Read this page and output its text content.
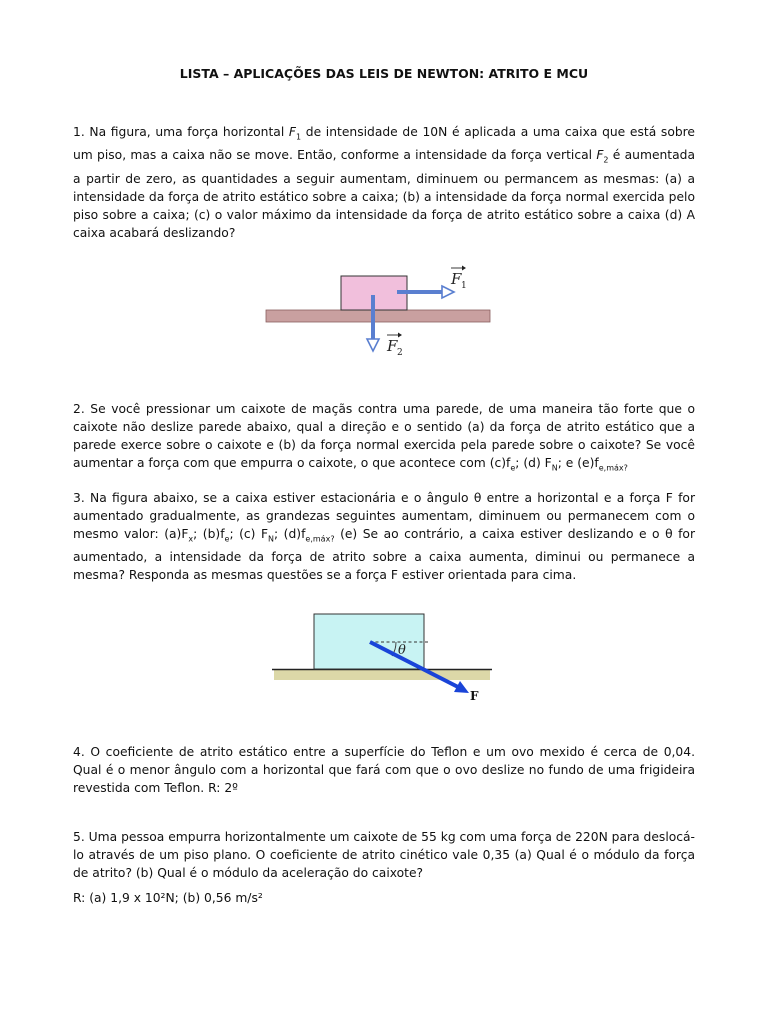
LISTA – APLICAÇÕES DAS LEIS DE NEWTON: ATRITO E MCU
1. Na figura, uma força horizontal $F_1$ de intensidade de 10N é aplicada a uma caixa que está sobre um piso, mas a caixa não se move. Então, conforme a intensidade da força vertical $F_2$ é aumentada a partir de zero, as quantidades a seguir aumentam, diminuem ou permancem as mesmas: (a) a intensidade da força de atrito estático sobre a caixa; (b) a intensidade da força normal exercida pelo piso sobre a caixa; (c) o valor máximo da intensidade da força de atrito estático sobre a caixa (d) A caixa acabará deslizando?
F 1
F 2
2. Se você pressionar um caixote de maçãs contra uma parede, de uma maneira tão forte que o caixote não deslize parede abaixo, qual a direção e o sentido (a) da força de atrito estático que a parede exerce sobre o caixote e (b) da força normal exercida pela parede sobre o caixote? Se você aumentar a força com que empurra o caixote, o que acontece com $(c)f_e$; (d) $F_N$; e $(e)f_{e,máx?}$
3. Na figura abaixo, se a caixa estiver estacionária e o ângulo θ entre a horizontal e a força F for aumentado gradualmente, as grandezas seguintes aumentam, diminuem ou permanecem com o mesmo valor: $(a)F_x$; $(b)f_e$; (c) $F_N$; $(d)f_{e,máx?}$ (e) Se ao contrário, a caixa estiver deslizando e o θ for aumentado, a intensidade da força de atrito sobre a caixa aumenta, diminui ou permanece a mesma? Responda as mesmas questões se a força F estiver orientada para cima.
θ
F
4. O coeficiente de atrito estático entre a superfície do Teflon e um ovo mexido é cerca de 0,04. Qual é o menor ângulo com a horizontal que fará com que o ovo deslize no fundo de uma frigideira revestida com Teflon. R: 2º
5. Uma pessoa empurra horizontalmente um caixote de 55 kg com uma força de 220N para deslocá-lo através de um piso plano. O coeficiente de atrito cinético vale 0,35 (a) Qual é o módulo da força de atrito? (b) Qual é o módulo da aceleração do caixote?
R: (a) 1,9 x 10²N; (b) 0,56 m/s²
